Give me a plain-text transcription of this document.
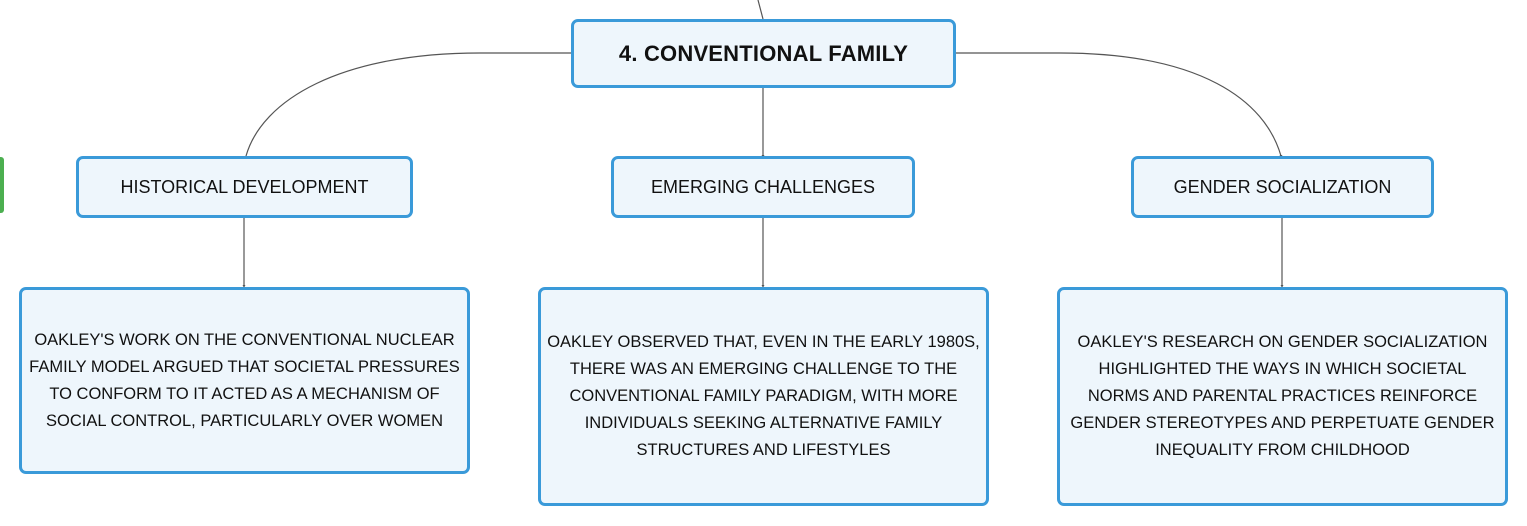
4. CONVENTIONAL FAMILY
HISTORICAL DEVELOPMENT	EMERGING CHALLENGES	GENDER SOCIALIZATION
OAKLEY'S WORK ON THE CONVENTIONAL NUCLEAR FAMILY MODEL ARGUED THAT SOCIETAL PRESSURES TO CONFORM TO IT ACTED AS A MECHANISM OF SOCIAL CONTROL, PARTICULARLY OVER WOMEN
OAKLEY OBSERVED THAT, EVEN IN THE EARLY 1980S, THERE WAS AN EMERGING CHALLENGE TO THE CONVENTIONAL FAMILY PARADIGM, WITH MORE INDIVIDUALS SEEKING ALTERNATIVE FAMILY STRUCTURES AND LIFESTYLES
OAKLEY'S RESEARCH ON GENDER SOCIALIZATION HIGHLIGHTED THE WAYS IN WHICH SOCIETAL NORMS AND PARENTAL PRACTICES REINFORCE GENDER STEREOTYPES AND PERPETUATE GENDER INEQUALITY FROM CHILDHOOD
